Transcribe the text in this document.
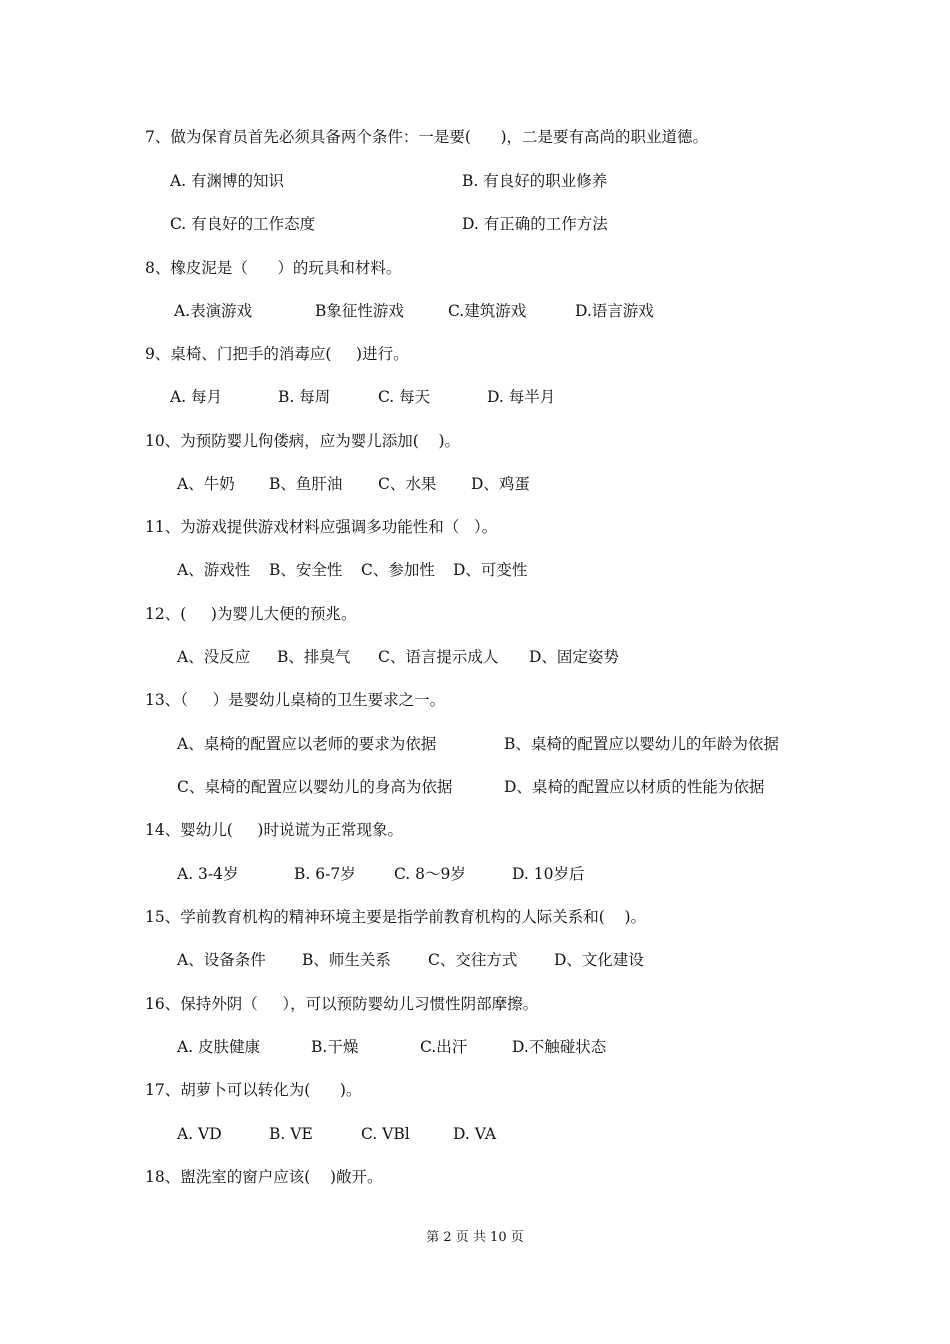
7、做为保育员首先必须具备两个条件：一是要(      )，二是要有高尚的职业道德。
A. 有渊博的知识	B. 有良好的职业修养
C. 有良好的工作态度	D. 有正确的工作方法
8、橡皮泥是（      ）的玩具和材料。
A.表演游戏	B象征性游戏	C.建筑游戏	D.语言游戏
9、桌椅、门把手的消毒应(     )进行。
A. 每月	B. 每周	C. 每天	D. 每半月
10、为预防婴儿佝偻病，应为婴儿添加(    )。
A、牛奶 B、鱼肝油 C、水果 D、鸡蛋
11、为游戏提供游戏材料应强调多功能性和（   ）。
A、游戏性 B、安全性 C、参加性 D、可变性
12、(     )为婴儿大便的预兆。
A、没反应 B、排臭气 C、语言提示成人 D、固定姿势
13、（     ）是婴幼儿桌椅的卫生要求之一。
A、桌椅的配置应以老师的要求为依据	B、桌椅的配置应以婴幼儿的年龄为依据
C、桌椅的配置应以婴幼儿的身高为依据	D、桌椅的配置应以材质的性能为依据
14、婴幼儿(     )时说谎为正常现象。
A. 3-4岁	B. 6-7岁 C. 8～9岁	D. 10岁后
15、学前教育机构的精神环境主要是指学前教育机构的人际关系和(    )。
A、设备条件 B、师生关系 C、交往方式 D、文化建设
16、保持外阴（     ），可以预防婴幼儿习惯性阴部摩擦。
A. 皮肤健康	B.干燥	C.出汗	D.不触碰状态
17、胡萝卜可以转化为(      )。
A. VD	B. VE	C. VBl	D. VA
18、盥洗室的窗户应该(    )敞开。
第 2 页 共 10 页
